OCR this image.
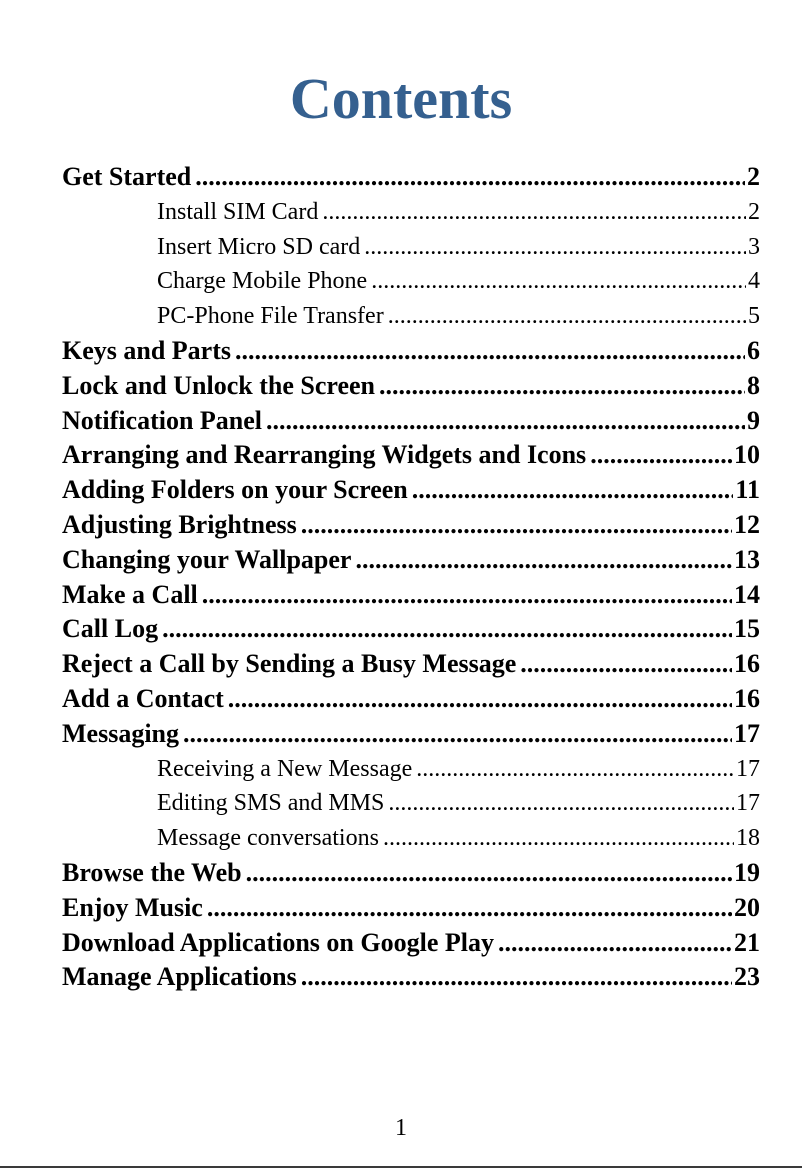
Contents
Get Started .....	2
Install SIM Card .....	2
Insert Micro SD card .....	3
Charge Mobile Phone .....	4
PC-Phone File Transfer .....	5
Keys and Parts .....	6
Lock and Unlock the Screen .....	8
Notification Panel .....	9
Arranging and Rearranging Widgets and Icons .....	10
Adding Folders on your Screen .....	11
Adjusting Brightness .....	12
Changing your Wallpaper .....	13
Make a Call .....	14
Call Log .....	15
Reject a Call by Sending a Busy Message .....	16
Add a Contact .....	16
Messaging .....	17
Receiving a New Message .....	17
Editing SMS and MMS .....	17
Message conversations .....	18
Browse the Web .....	19
Enjoy Music .....	20
Download Applications on Google Play .....	21
Manage Applications .....	23
1
